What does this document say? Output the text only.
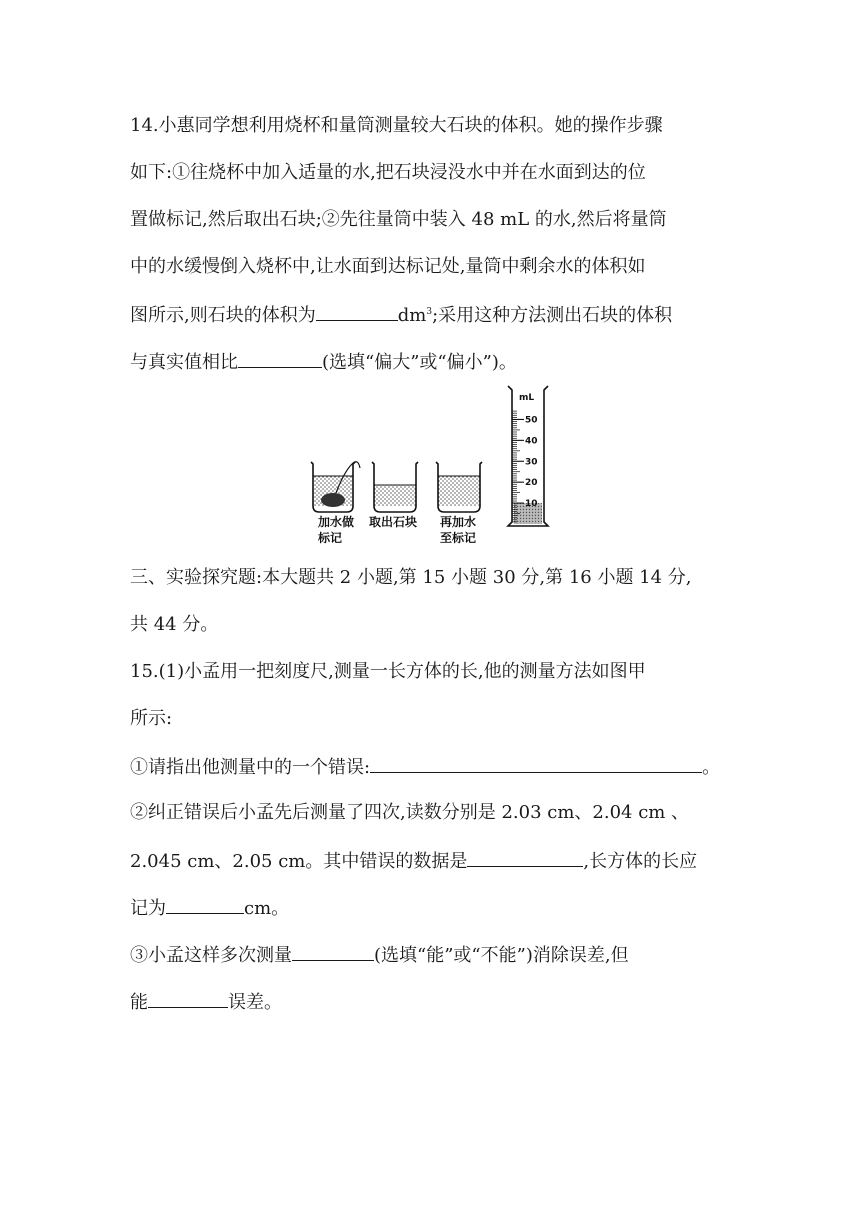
14.小惠同学想利用烧杯和量筒测量较大石块的体积。她的操作步骤
如下:①往烧杯中加入适量的水,把石块浸没水中并在水面到达的位
置做标记,然后取出石块;②先往量筒中装入 48 mL 的水,然后将量筒
中的水缓慢倒入烧杯中,让水面到达标记处,量筒中剩余水的体积如
图所示,则石块的体积为	$dm^3$;采用这种方法测出石块的体积
与真实值相比	(选填“偏大”或“偏小”)。
加水做
标记
取出石块 再加水
至标记
mL
50
40
30
20
10
三、实验探究题:本大题共 2 小题,第 15 小题 30 分,第 16 小题 14 分,
共 44 分。
15.(1)小孟用一把刻度尺,测量一长方体的长,他的测量方法如图甲
所示:
①请指出他测量中的一个错误:	。
②纠正错误后小孟先后测量了四次,读数分别是 2.03 cm、2.04 cm 、
2.045 cm、2.05 cm。其中错误的数据是	,长方体的长应
记为	cm。
③小孟这样多次测量	(选填“能”或“不能”)消除误差,但
能	误差。
